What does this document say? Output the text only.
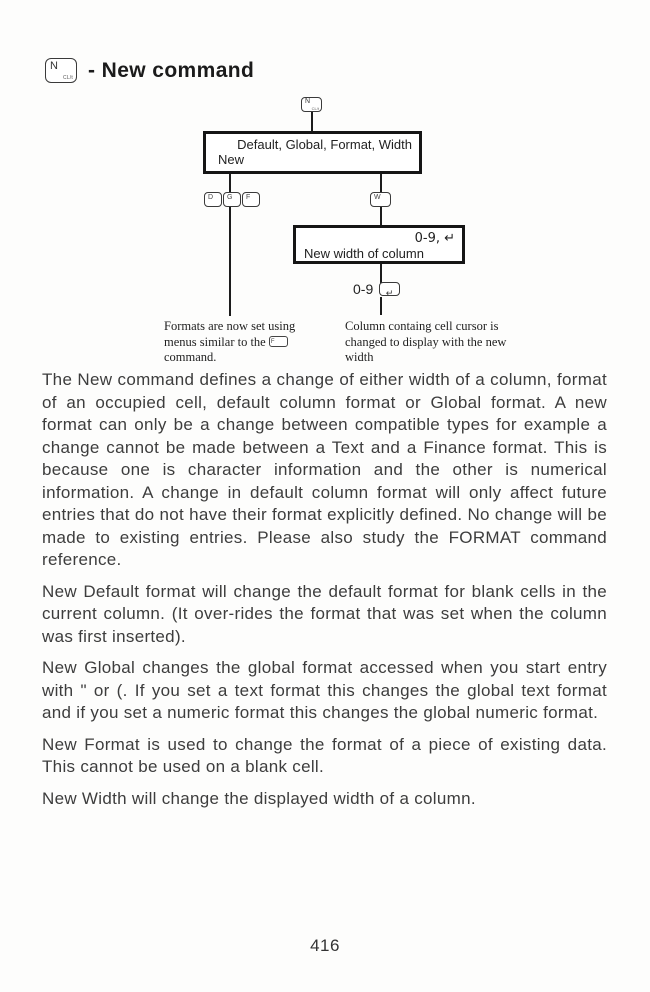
N
CL/t - New command
N
CL/t
Default, Global, Format, Width
New
D G F	W
0-9, ↵
New width of column
0-9	↵
Formats are now set using menus similar to the F
command.
Column containg cell cursor is changed to display with the new width

The New command defines a change of either width of a column, format of an occupied cell, default column format or Global format. A new format can only be a change between compatible types for example a change cannot be made between a Text and a Finance format. This is because one is character information and the other is numerical information. A change in default column format will only affect future entries that do not have their format explicitly defined. No change will be made to existing entries. Please also study the FORMAT command reference.

New Default format will change the default format for blank cells in the current column. (It over-rides the format that was set when the column was first inserted).

New Global changes the global format accessed when you start entry with " or (. If you set a text format this changes the global text format and if you set a numeric format this changes the global numeric format.

New Format is used to change the format of a piece of existing data. This cannot be used on a blank cell.

New Width will change the displayed width of a column.

416
